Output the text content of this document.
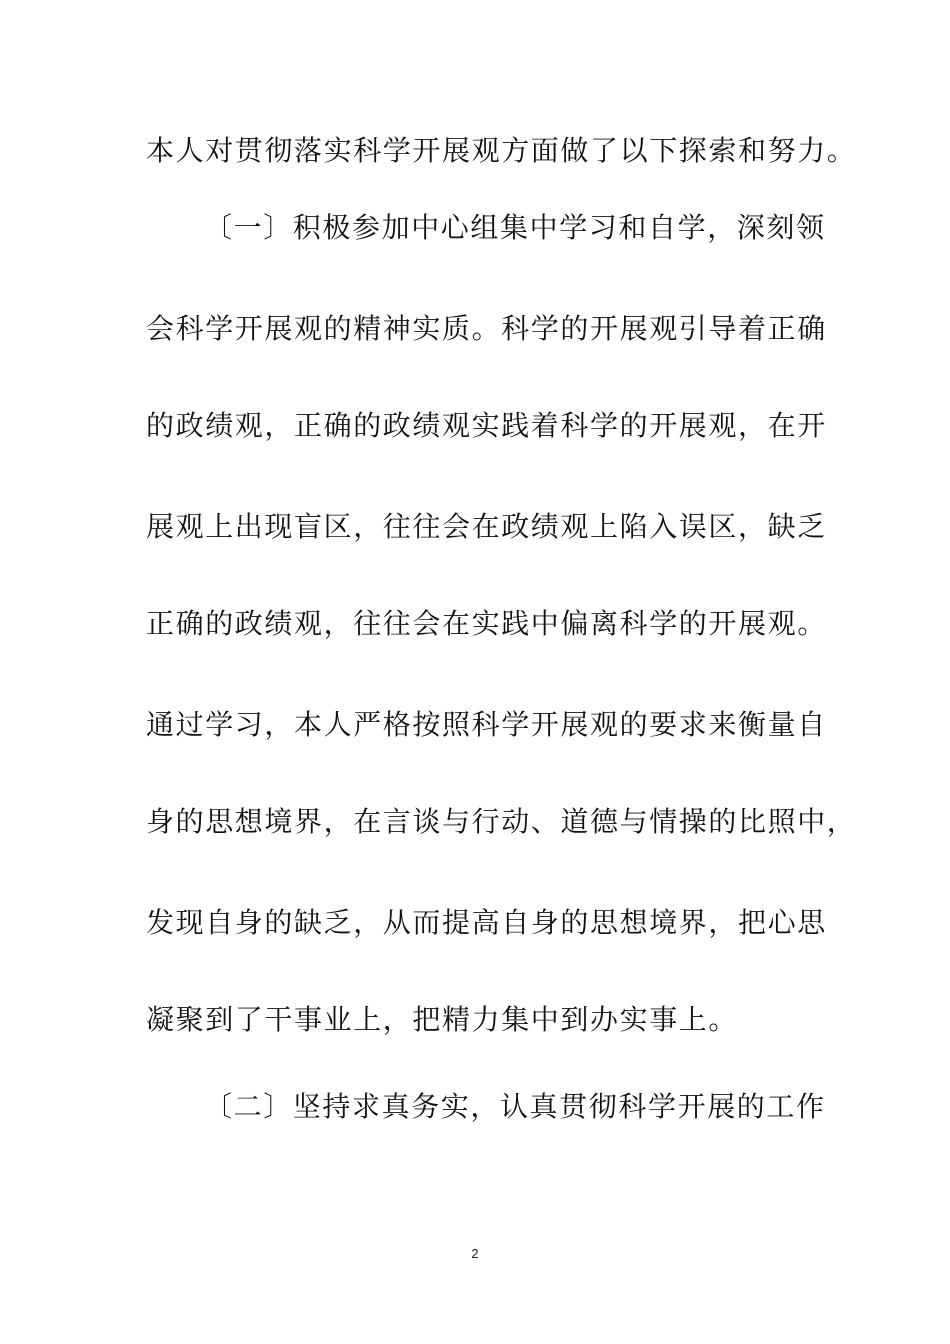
本人对贯彻落实科学开展观方面做了以下探索和努力。
〔一〕积极参加中心组集中学习和自学，深刻领
会科学开展观的精神实质。科学的开展观引导着正确
的政绩观，正确的政绩观实践着科学的开展观，在开
展观上出现盲区，往往会在政绩观上陷入误区，缺乏
正确的政绩观，往往会在实践中偏离科学的开展观。
通过学习，本人严格按照科学开展观的要求来衡量自
身的思想境界，在言谈与行动、道德与情操的比照中，
发现自身的缺乏，从而提高自身的思想境界，把心思
凝聚到了干事业上，把精力集中到办实事上。
〔二〕坚持求真务实，认真贯彻科学开展的工作
2
